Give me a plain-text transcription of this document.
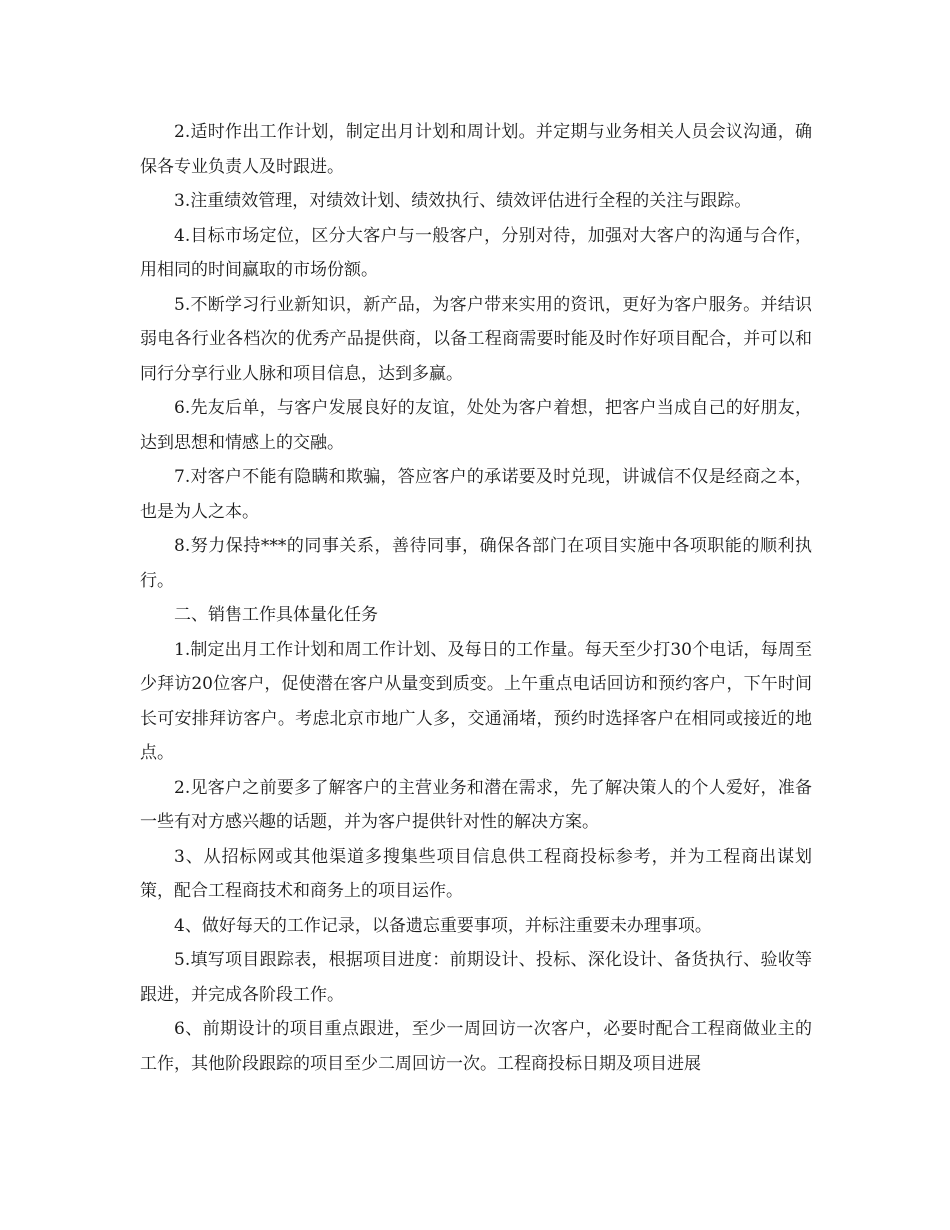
2.适时作出工作计划，制定出月计划和周计划。并定期与业务相关人员会议沟通，确保各专业负责人及时跟进。

3.注重绩效管理，对绩效计划、绩效执行、绩效评估进行全程的关注与跟踪。

4.目标市场定位，区分大客户与一般客户，分别对待，加强对大客户的沟通与合作，用相同的时间赢取的市场份额。

5.不断学习行业新知识，新产品，为客户带来实用的资讯，更好为客户服务。并结识弱电各行业各档次的优秀产品提供商，以备工程商需要时能及时作好项目配合，并可以和同行分享行业人脉和项目信息，达到多赢。

6.先友后单，与客户发展良好的友谊，处处为客户着想，把客户当成自己的好朋友，达到思想和情感上的交融。

7.对客户不能有隐瞒和欺骗，答应客户的承诺要及时兑现，讲诚信不仅是经商之本，也是为人之本。

8.努力保持***的同事关系，善待同事，确保各部门在项目实施中各项职能的顺利执行。

二、销售工作具体量化任务

1.制定出月工作计划和周工作计划、及每日的工作量。每天至少打30个电话，每周至少拜访20位客户，促使潜在客户从量变到质变。上午重点电话回访和预约客户，下午时间长可安排拜访客户。考虑北京市地广人多，交通涌堵，预约时选择客户在相同或接近的地点。

2.见客户之前要多了解客户的主营业务和潜在需求，先了解决策人的个人爱好，准备一些有对方感兴趣的话题，并为客户提供针对性的解决方案。

3、从招标网或其他渠道多搜集些项目信息供工程商投标参考，并为工程商出谋划策，配合工程商技术和商务上的项目运作。

4、做好每天的工作记录，以备遗忘重要事项，并标注重要未办理事项。

5.填写项目跟踪表，根据项目进度：前期设计、投标、深化设计、备货执行、验收等跟进，并完成各阶段工作。

6、前期设计的项目重点跟进，至少一周回访一次客户，必要时配合工程商做业主的工作，其他阶段跟踪的项目至少二周回访一次。工程商投标日期及项目进展
